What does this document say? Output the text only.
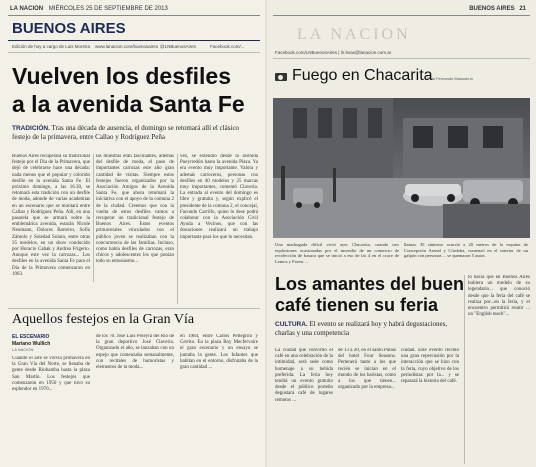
LA NACION MIÉRCOLES 25 DE SEPTIEMBRE DE 2013
BUENOS AIRES
Edición de hoy a cargo de Luis Moreira www.lanacion.com/buenosaires @LNBuenosAires	Facebook.com/...
Vuelven los desfiles
a la avenida Santa Fe
TRADICIÓN. Tras una década de ausencia, el domingo se retomará allí el clásico festejo de la primavera, entre Callao y Rodríguez Peña
Buenos Aires recuperará su tradicional festejo por el Día de la Primavera, que dejó de celebrarse hace una década: nada menos que el popular y colorido desfile en la avenida Santa Fe. El próximo domingo, a las 16.30, se retomará esta tradición con un desfile de moda, adonde de varias academias en un escenario que se montará entre Callao y Rodríguez Peña. Allí, en una pasarela que se armará sobre la emblemática avenida, estarán Nicole Neumann, Dolores Barreiro, Sofía Zámolo y Soledad Solaro, entre otras 35 modelos, en un show conducido por Horacio Cabak y Andrea Frigerio. Aunque este vez la carrozas... Los desfiles en la avenida Santa Fe para el Día de la Primavera comenzaron en 1963.
las muestras eran fascinantes, además del desfile de moda, el paso de importantes carrozas este año gran cantidad de visitas. Siempre estos festejos fueron organizados por la Asociación Amigos de la Avenida Santa Fe, que ahora retomará la iniciativa con el apoyo de la comuna 2 de la ciudad. Creemos que con la vuelta de estos desfiles vamos a recuperar un tradicional festejo de Buenos Aires. Estos eventos primaverales vinculados con el público joven se realizaban con la concurrencia de las familias. Incluso, como había desfiles de carrozas, eran chicos y adolescentes los que ponían todo su entusiasmo...
vez, se extendió desde la avenida Pueyrredón hasta la avenida Plaza. Ya era evento muy importante. Valora y además carroceros, personas con desfiles en 40 modelos y 25 marcas muy importantes, comentó Claveria. La entrada al evento del domingo es libre y gratuita y, según explicó el presidente de la comuna 2, el concejal, Facundo Carrillo, quien lo dese podrá colaborar con la Asociación Civil Ayuda a Vecinos, que con las donaciones realizará un trabajo importante para los que lo necesitan.
Aquellos festejos en la Gran Vía
EL ESCENARIO
Mariano Wullich
LA NACION
Cuando el aire se volvía primavera en la Gran Vía del Norte, se llenaba de gente desde Riobamba hasta la plaza San Martín. Los festejos que comenzaron en 1950 y que tuvo su esplendor en 1970...
de los 70. José Luis Pereyra del Río de la gran deportivo José Claveria. Organizado el año, se lanzaban con un espejo que comenzaba semanalmente, con recitales de humoristas y elementos de la moda...
en 1984, entre Carlos Pellegrini y Cerrito. En la plaza Roy Mecfervaire el gran escenario y un ensayo se juntaba la gente. Los Infantes que habitan en el entorno, disfrutaba de la gran cantidad ...
BUENOS AIRES 21
LA NACION
Facebook.com/LNBuenosAires | ln.bsas@lanacion.com.ar
Fuego en Chacarita
Foto Fernando Massobrio
Una madrugada difícil vivió ayer Chacarita, cuando tres explosiones ocasionadas por el incendio de un comercio de recolección de basura que se inició a eso de las 4 en el cruce de Lemos y Forest ...
llamas. El siniestro ocurrió a 20 metros de la esquina de Concepción Arenal y Córdoba, comenzó en el interior de un galpón con personas ... se quemaron 5 autos
Los amantes del buen
café tienen su feria
CULTURA. El evento se realizará hoy y habrá degustaciones, charlas y una competencia
La ciudad que convirtió el café en una celebración de la intimidad, será sede como homenaje a su bebida preferida. La feria hoy tendrá un evento gratuito desde el público porteño degustará café de lugares remotos ...
de 13 a 20, en el salón Palais del hotel Four Seasons. Pertenerá tanto a los que recién se inician en el mundo de los baristas, como a los que tienen... organizado por la empresa...
ciudad. Este evento recibió una gran repercusión por la interacción que se hizo con la feria, cuyo objetivo de los periodistas por la... y se repasará la historia del café.
lo hacía que en Buenos Aires hubiera un modelo de su legendario... que conoció desde que la feria del café se realiza por...en la feria, y el encuentro permitirá reunir ... un "English teach"...
